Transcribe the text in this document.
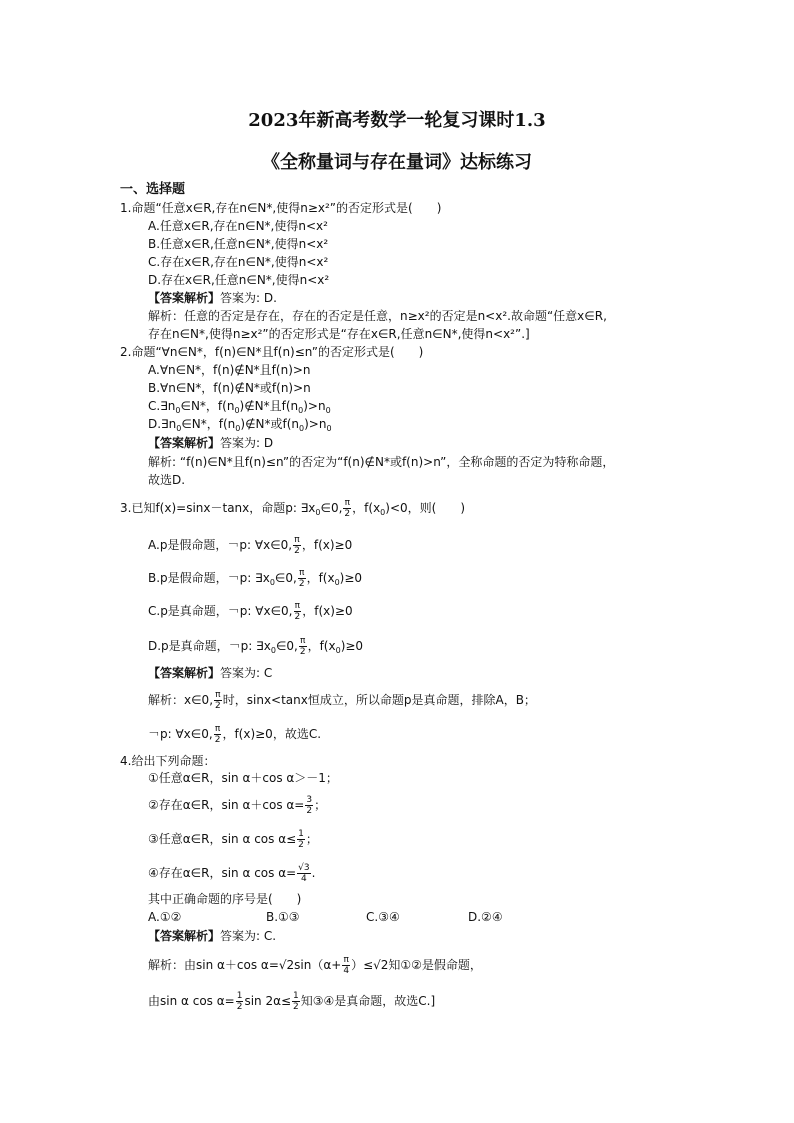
2023年新高考数学一轮复习课时1.3
《全称量词与存在量词》达标练习
一、选择题
1.命题“任意x∈R,存在n∈N*,使得n≥x²”的否定形式是(　　)
A.任意x∈R,存在n∈N*,使得n<x²
B.任意x∈R,任意n∈N*,使得n<x²
C.存在x∈R,存在n∈N*,使得n<x²
D.存在x∈R,任意n∈N*,使得n<x²
【答案解析】答案为: D.
解析：任意的否定是存在，存在的否定是任意，n≥x²的否定是n<x².故命题“任意x∈R,
存在n∈N*,使得n≥x²”的否定形式是“存在x∈R,任意n∈N*,使得n<x²”.]
2.命题“∀n∈N*，f(n)∈N*且f(n)≤n”的否定形式是(　　)
A.∀n∈N*，f(n)∉N*且f(n)>n
B.∀n∈N*，f(n)∉N*或f(n)>n
$C.\exists n_0\in N*$，$f(n_0)\notin N*$且$f(n_0)>n_0$
$D.\exists n_0\in N*$，$f(n_0)\notin N*$或$f(n_0)>n_0$
【答案解析】答案为: D
解析: “f(n)∈N*且f(n)≤n”的否定为“f(n)∉N*或f(n)>n”，全称命题的否定为特称命题，
故选D.
3.已知f(x)=sinx－tanx，命题p: $\exists x_0\in 0$, $\frac{\pi}{2}$ ，$f(x_0)<0$，则(　　)
A.p是假命题，￢p: ∀x∈0, $\frac{\pi}{2}$ ，f(x)≥0
B.p是假命题，￢p: $\exists x_0\in 0$, $\frac{\pi}{2}$ ，$f(x_0)\ge 0$
C.p是真命题，￢p: ∀x∈0, $\frac{\pi}{2}$ ，f(x)≥0
D.p是真命题，￢p: $\exists x_0\in 0$, $\frac{\pi}{2}$ ，$f(x_0)\ge 0$
【答案解析】答案为: C
解析：x∈0, $\frac{\pi}{2}$ 时，sinx<tanx恒成立，所以命题p是真命题，排除A，B；
￢p: ∀x∈0, $\frac{\pi}{2}$ ，f(x)≥0，故选C.
4.给出下列命题：
①任意α∈R，sin α＋cos α＞－1；
②存在α∈R，sin α＋cos $\alpha= \frac{3}{2}$ ；
③任意α∈R，sin α $\cos \alpha\le \frac{1}{2}$ ；
④存在α∈R，sin α $\cos \alpha= \frac{√3}{4}$ .
其中正确命题的序号是(　　)
A.①②	B.①③	C.③④	D.②④
【答案解析】答案为: C.
解析：由sin α＋cos $\alpha=√2\sin(\alpha+ \frac{\pi}{4} )\le√2$知①②是假命题，
由sin α $\cos \alpha= \frac{1}{2}$ $\sin 2\alpha\le \frac{1}{2}$ 知③④是真命题，故选C.]
